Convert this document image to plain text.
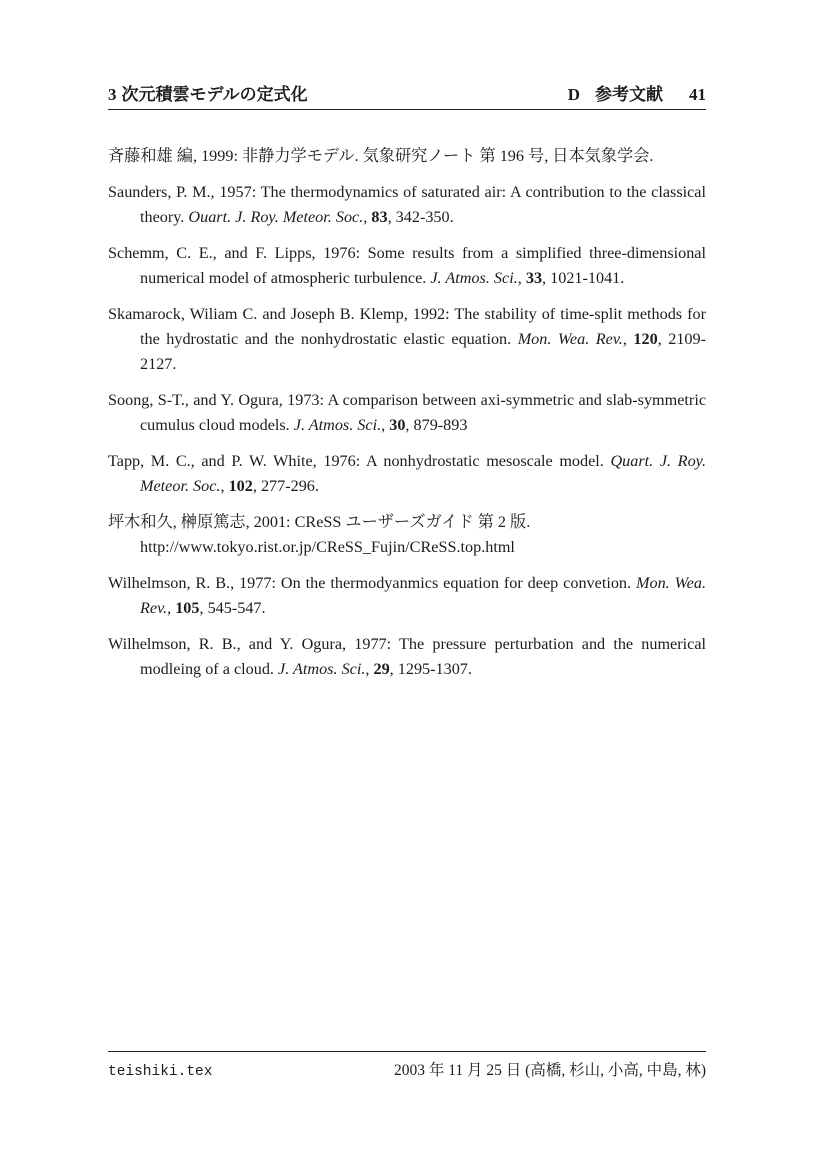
3 次元積雲モデルの定式化	D 参考文献 41

斉藤和雄 編, 1999: 非静力学モデル. 気象研究ノート 第 196 号, 日本気象学会.

Saunders, P. M., 1957: The thermodynamics of saturated air: A contribution to the classical theory. Ouart. J. Roy. Meteor. Soc., 83, 342-350.

Schemm, C. E., and F. Lipps, 1976: Some results from a simplified three-dimensional numerical model of atmospheric turbulence. J. Atmos. Sci., 33, 1021-1041.

Skamarock, Wiliam C. and Joseph B. Klemp, 1992: The stability of time-split methods for the hydrostatic and the nonhydrostatic elastic equation. Mon. Wea. Rev., 120, 2109-2127.

Soong, S-T., and Y. Ogura, 1973: A comparison between axi-symmetric and slab-symmetric cumulus cloud models. J. Atmos. Sci., 30, 879-893

Tapp, M. C., and P. W. White, 1976: A nonhydrostatic mesoscale model. Quart. J. Roy. Meteor. Soc., 102, 277-296.

坪木和久, 榊原篤志, 2001: CReSS ユーザーズガイド 第 2 版.
http://www.tokyo.rist.or.jp/CReSS_Fujin/CReSS.top.html

Wilhelmson, R. B., 1977: On the thermodyanmics equation for deep convetion. Mon. Wea. Rev., 105, 545-547.

Wilhelmson, R. B., and Y. Ogura, 1977: The pressure perturbation and the numerical modleing of a cloud. J. Atmos. Sci., 29, 1295-1307.

teishiki.tex	2003 年 11 月 25 日 (高橋, 杉山, 小高, 中島, 林)
